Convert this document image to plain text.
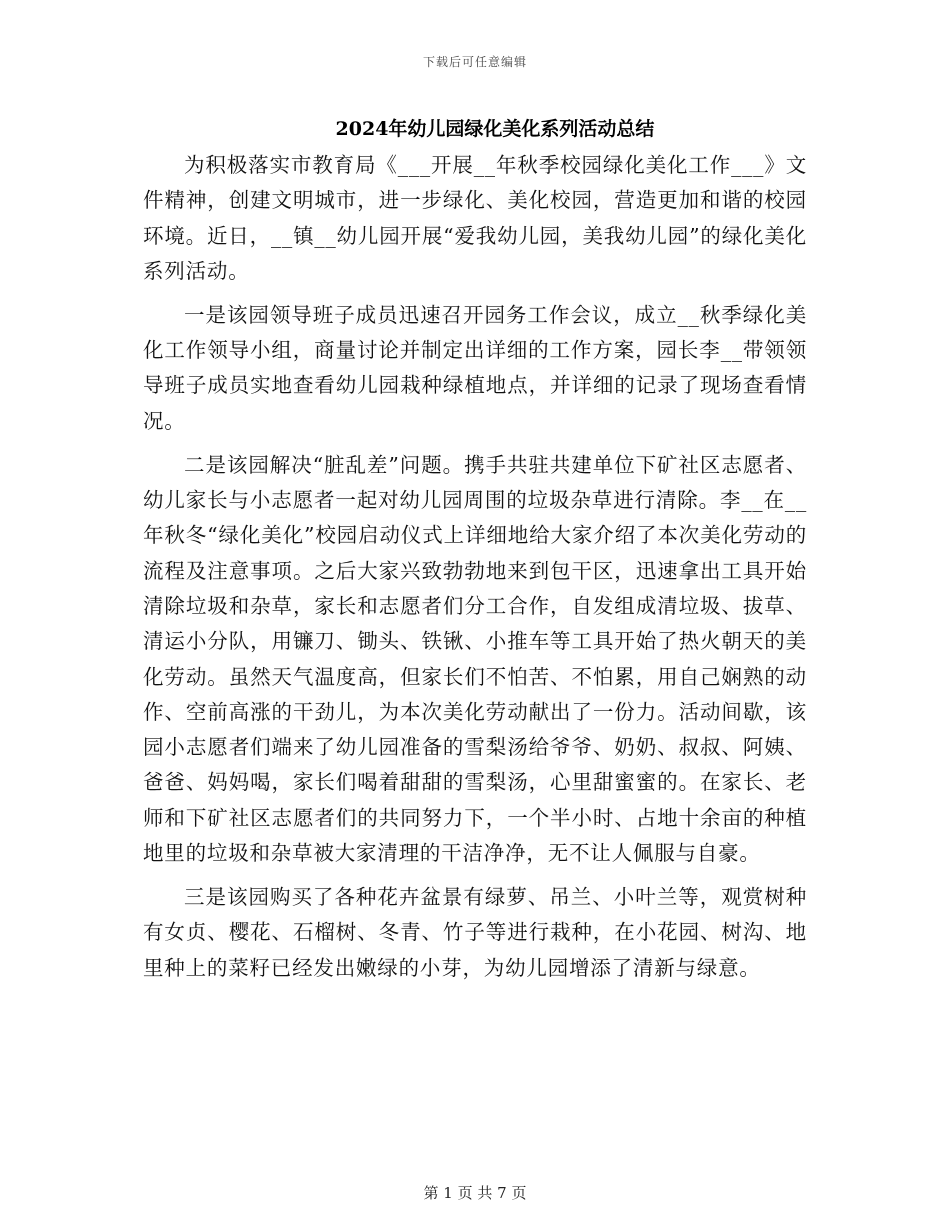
下载后可任意编辑
2024年幼儿园绿化美化系列活动总结

为积极落实市教育局《___开展__年秋季校园绿化美化工作___》文件精神，创建文明城市，进一步绿化、美化校园，营造更加和谐的校园环境。近日，__镇__幼儿园开展“爱我幼儿园，美我幼儿园”的绿化美化系列活动。

一是该园领导班子成员迅速召开园务工作会议，成立__秋季绿化美化工作领导小组，商量讨论并制定出详细的工作方案，园长李__带领领导班子成员实地查看幼儿园栽种绿植地点，并详细的记录了现场查看情况。

二是该园解决“脏乱差”问题。携手共驻共建单位下矿社区志愿者、幼儿家长与小志愿者一起对幼儿园周围的垃圾杂草进行清除。李__在__年秋冬“绿化美化”校园启动仪式上详细地给大家介绍了本次美化劳动的流程及注意事项。之后大家兴致勃勃地来到包干区，迅速拿出工具开始清除垃圾和杂草，家长和志愿者们分工合作，自发组成清垃圾、拔草、清运小分队，用镰刀、锄头、铁锹、小推车等工具开始了热火朝天的美化劳动。虽然天气温度高，但家长们不怕苦、不怕累，用自己娴熟的动作、空前高涨的干劲儿，为本次美化劳动献出了一份力。活动间歇，该园小志愿者们端来了幼儿园准备的雪梨汤给爷爷、奶奶、叔叔、阿姨、爸爸、妈妈喝，家长们喝着甜甜的雪梨汤，心里甜蜜蜜的。在家长、老师和下矿社区志愿者们的共同努力下，一个半小时、占地十余亩的种植地里的垃圾和杂草被大家清理的干洁净净，无不让人佩服与自豪。

三是该园购买了各种花卉盆景有绿萝、吊兰、小叶兰等，观赏树种有女贞、樱花、石榴树、冬青、竹子等进行栽种，在小花园、树沟、地里种上的菜籽已经发出嫩绿的小芽，为幼儿园增添了清新与绿意。

第 1 页 共 7 页
